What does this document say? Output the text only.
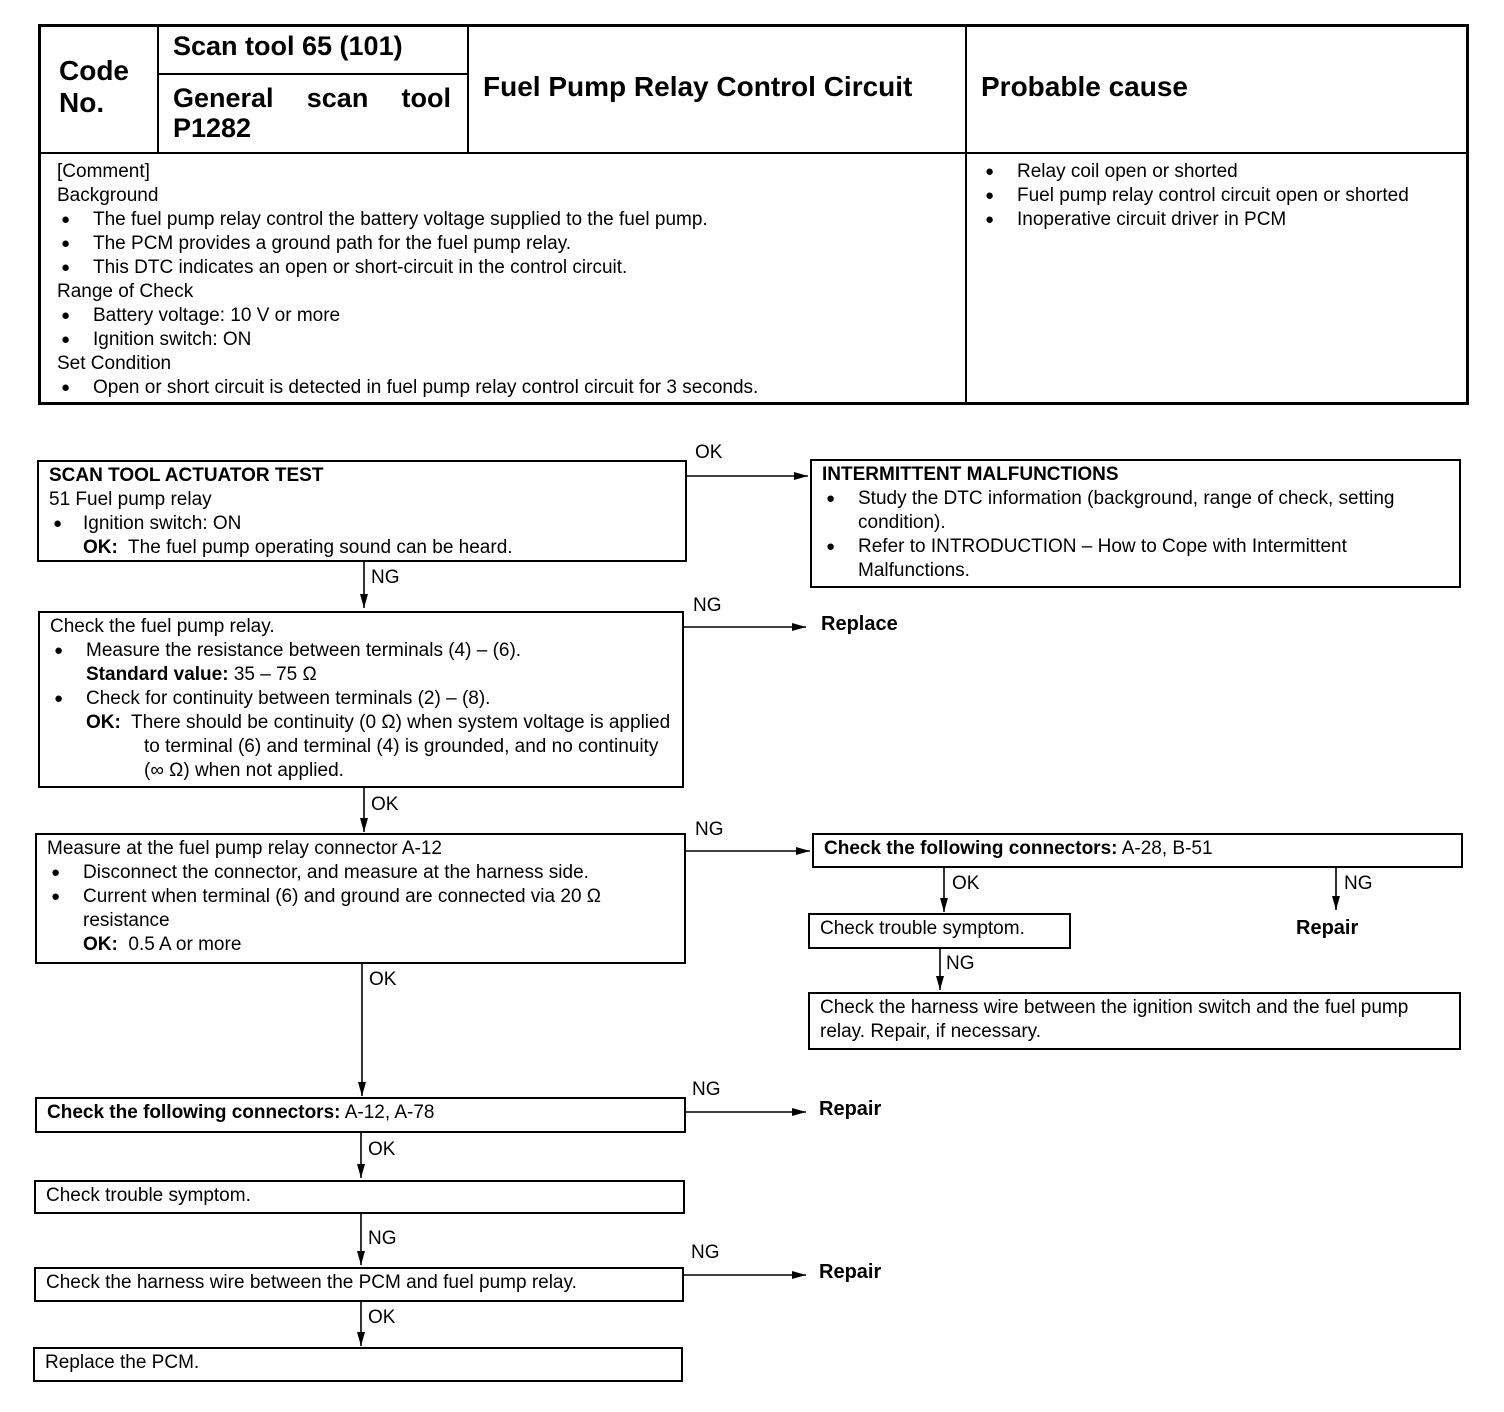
Code
No.
Scan tool 65 (101)
General scan tool
P1282
Fuel Pump Relay Control Circuit Probable cause
[Comment]
Background
● The fuel pump relay control the battery voltage supplied to the fuel pump.
● The PCM provides a ground path for the fuel pump relay.
● This DTC indicates an open or short-circuit in the control circuit.
Range of Check
● Battery voltage: 10 V or more
● Ignition switch: ON
Set Condition
● Open or short circuit is detected in fuel pump relay control circuit for 3 seconds.
● Relay coil open or shorted
● Fuel pump relay control circuit open or shorted
● Inoperative circuit driver in PCM
SCAN TOOL ACTUATOR TEST
51 Fuel pump relay
● Ignition switch: ON
OK: The fuel pump operating sound can be heard.
INTERMITTENT MALFUNCTIONS
● Study the DTC information (background, range of check, setting condition).
● Refer to INTRODUCTION – How to Cope with Intermittent Malfunctions.
Check the fuel pump relay.
● Measure the resistance between terminals (4) – (6).
Standard value: 35 – 75 Ω
● Check for continuity between terminals (2) – (8).
OK: There should be continuity (0 Ω) when system voltage is applied to terminal (6) and terminal (4) is grounded, and no continuity (∞ Ω) when not applied.
Measure at the fuel pump relay connector A-12
● Disconnect the connector, and measure at the harness side.
● Current when terminal (6) and ground are connected via 20 Ω resistance
OK: 0.5 A or more
Check the following connectors: A-28, B-51
Check trouble symptom.
Check the harness wire between the ignition switch and the fuel pump relay. Repair, if necessary.
Check the following connectors: A-12, A-78
Check trouble symptom.
Check the harness wire between the PCM and fuel pump relay.
Replace the PCM.
OK
NG
NG
Replace
OK
NG
OK	NG
Repair
NG
OK
NG
Repair
OK
NG
NG
Repair
OK
